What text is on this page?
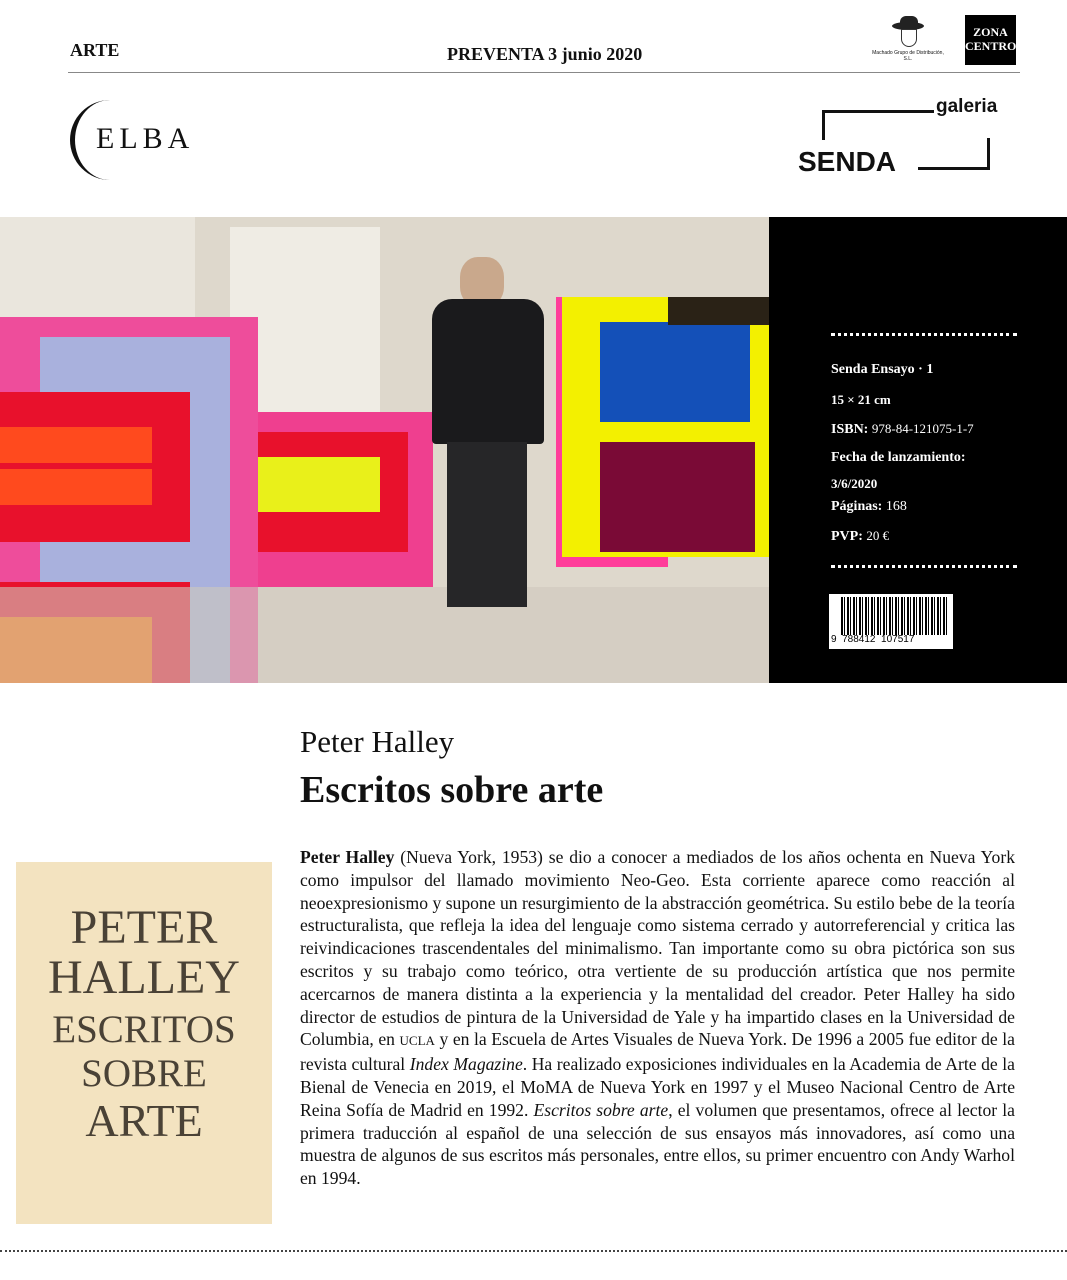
ARTE	PREVENTA 3 junio 2020	Machado Grupo de Distribución, S.L.
ZONA
CENTRO
ELBA
galeria
SENDA
Senda Ensayo · 1
15 × 21 cm
ISBN: 978-84-121075-1-7
Fecha de lanzamiento:
3/6/2020
Páginas: 168
PVP: 20 €
9  788412  107517
Peter Halley
Escritos sobre arte
PETER
HALLEY
ESCRITOS
SOBRE
ARTE
Peter Halley (Nueva York, 1953) se dio a conocer a mediados de los años ochenta en Nueva York como impulsor del llamado movimiento Neo-Geo. Esta corriente aparece como reacción al neoexpresionismo y supone un resurgimiento de la abstracción geométrica. Su estilo bebe de la teoría estructuralista, que refleja la idea del lenguaje como sistema cerrado y autorreferencial y critica las reivindicaciones trascendentales del minimalismo. Tan importante como su obra pictórica son sus escritos y su trabajo como teórico, otra vertiente de su producción artística que nos permite acercarnos de manera distinta a la experiencia y la mentalidad del creador. Peter Halley ha sido director de estudios de pintura de la Universidad de Yale y ha impartido clases en la Universidad de Columbia, en UCLA y en la Escuela de Artes Visuales de Nueva York. De 1996 a 2005 fue editor de la revista cultural Index Magazine. Ha realizado exposiciones individuales en la Academia de Arte de la Bienal de Venecia en 2019, el MoMA de Nueva York en 1997 y el Museo Nacional Centro de Arte Reina Sofía de Madrid en 1992. Escritos sobre arte, el volumen que presentamos, ofrece al lector la primera traducción al español de una selección de sus ensayos más innovadores, así como una muestra de algunos de sus escritos más personales, entre ellos, su primer encuentro con Andy Warhol en 1994.
